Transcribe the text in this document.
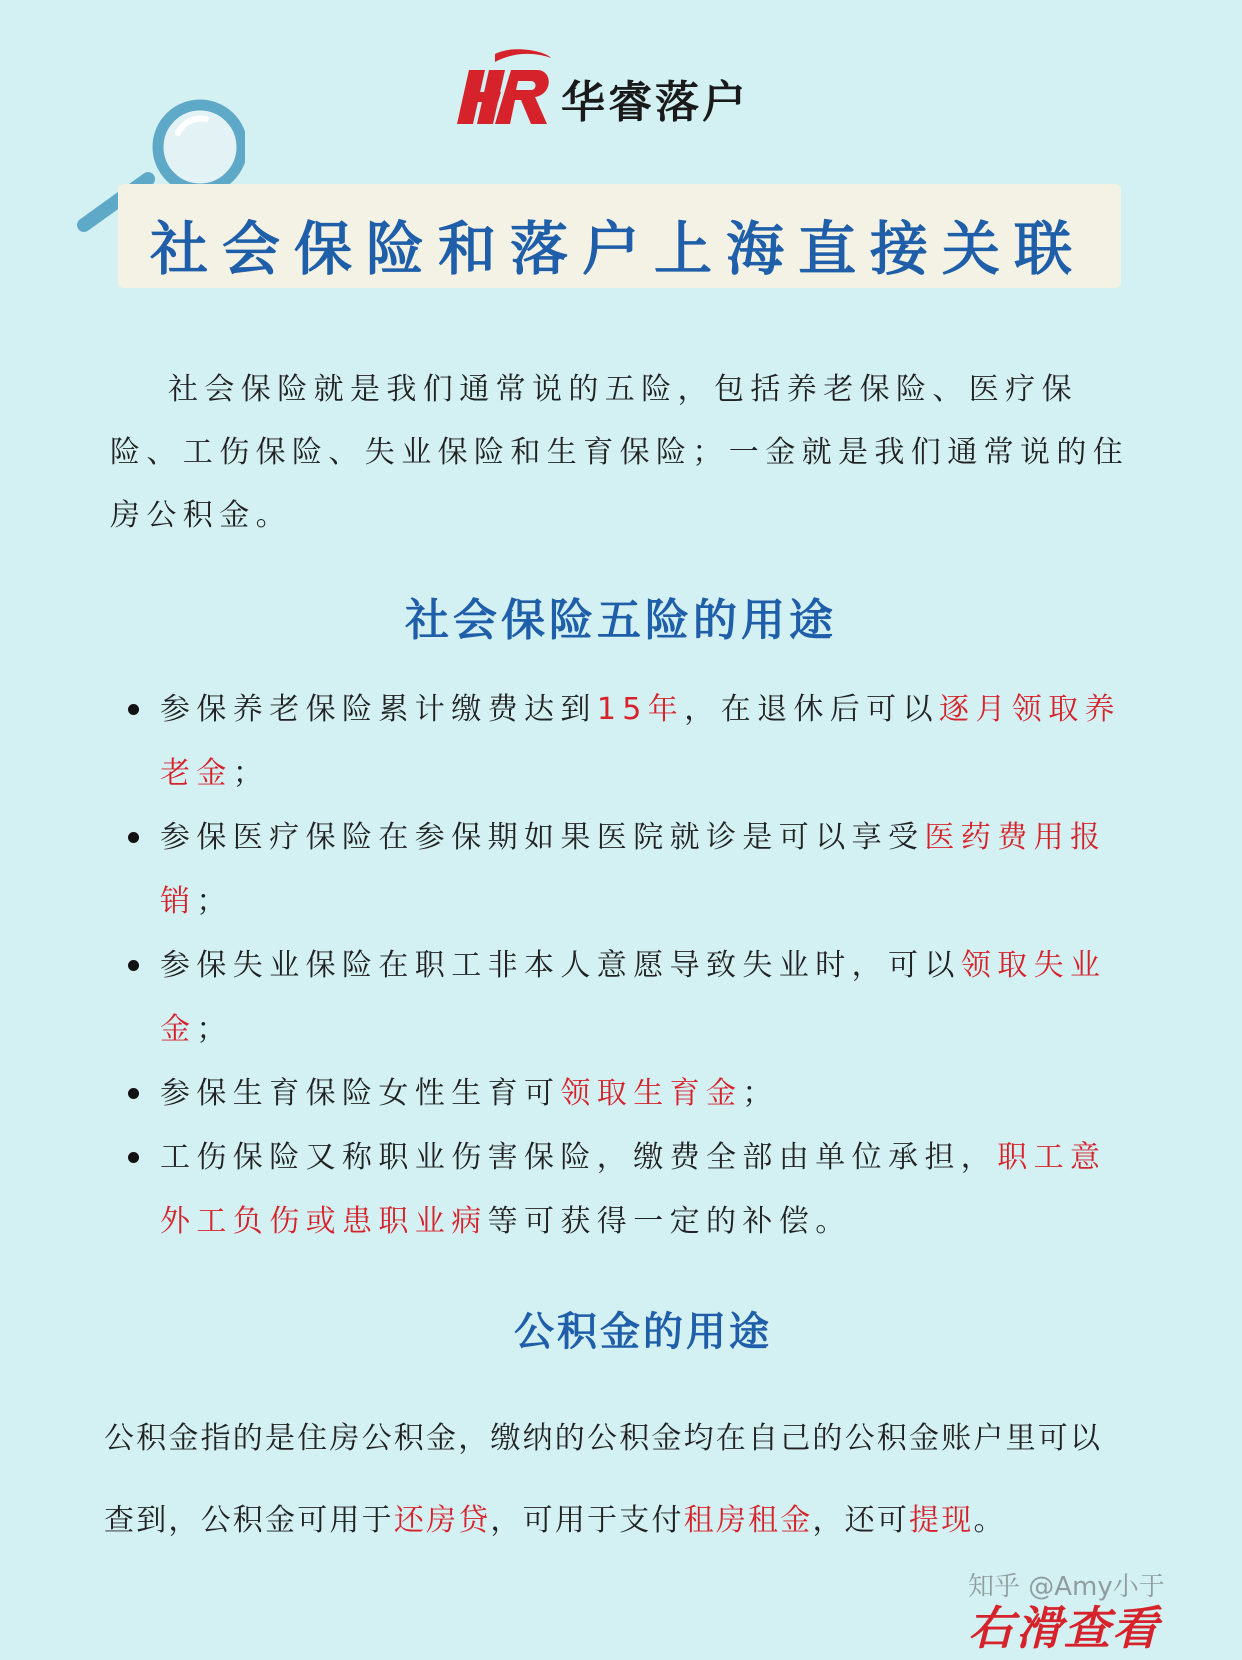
华睿落户
社会保险和落户上海直接关联
社会保险就是我们通常说的五险，包括养老保险、医疗保险、工伤保险、失业保险和生育保险；一金就是我们通常说的住房公积金。
社会保险五险的用途
参保养老保险累计缴费达到15年，在退休后可以逐月领取养老金；
参保医疗保险在参保期如果医院就诊是可以享受医药费用报销；
参保失业保险在职工非本人意愿导致失业时，可以领取失业金；
参保生育保险女性生育可领取生育金；
工伤保险又称职业伤害保险，缴费全部由单位承担，职工意外工负伤或患职业病等可获得一定的补偿。
公积金的用途
公积金指的是住房公积金，缴纳的公积金均在自己的公积金账户里可以查到，公积金可用于还房贷，可用于支付租房租金，还可提现。
右滑查看
知乎 @Amy小于
